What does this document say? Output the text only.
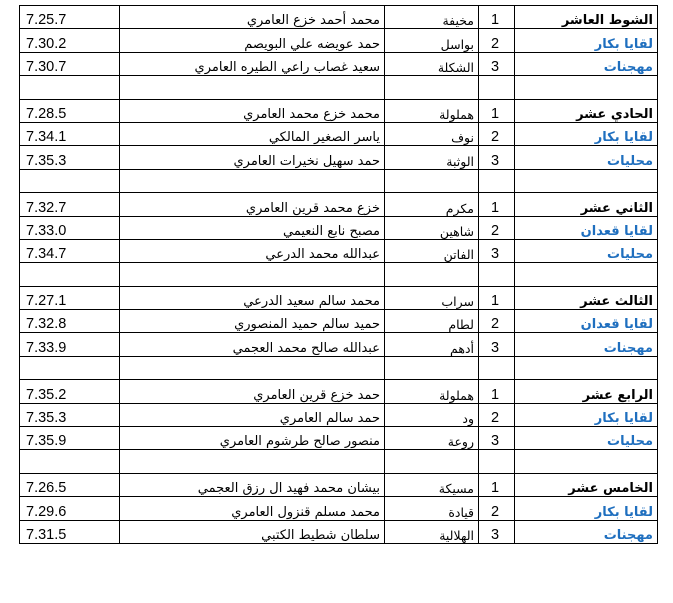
7.25.7	محمد أحمد خزع العامري	مخيفة	1	الشوط العاشر
7.30.2	حمد عويضه علي البويصم	بواسل	2	لقايا بكار
7.30.7	سعيد غصاب راعي الطيره العامري	الشكلة	3	مهجنات

7.28.5	محمد خزع محمد العامري	هملولة	1	الحادي عشر
7.34.1	ياسر الصغير المالكي	نوف	2	لقايا بكار
7.35.3	حمد سهيل نخيرات العامري	الوثبة	3	محليات

7.32.7	خزع محمد قرين العامري	مكرم	1	الثاني عشر
7.33.0	مصبح نابع النعيمي	شاهين	2	لقايا قعدان
7.34.7	عبدالله محمد الدرعي	الفاتن	3	محليات

7.27.1	محمد سالم سعيد الدرعي	سراب	1	الثالث عشر
7.32.8	حميد سالم حميد المنصوري	لطام	2	لقايا قعدان
7.33.9	عبدالله صالح محمد العجمي	أدهم	3	مهجنات

7.35.2	حمد خزع قرين العامري	هملولة	1	الرابع عشر
7.35.3	حمد سالم العامري	ود	2	لقايا بكار
7.35.9	منصور صالح طرشوم العامري	روعة	3	محليات

7.26.5	بيشان محمد فهيد ال رزق العجمي	مسيكة	1	الخامس عشر
7.29.6	محمد مسلم قنزول العامري	قيادة	2	لقايا بكار
7.31.5	سلطان شطيط الكتبي	الهلالية	3	مهجنات
